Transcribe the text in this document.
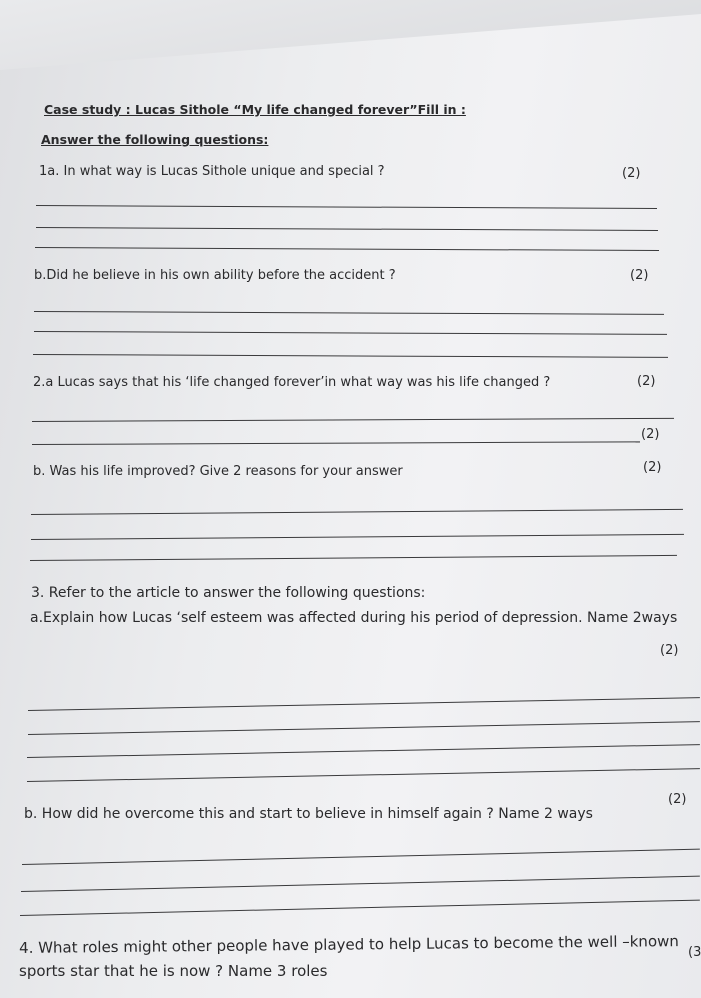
Case study : Lucas Sithole “My life changed forever”Fill in :
Answer the following questions:
1a. In what way is Lucas Sithole unique and special ?	(2)
b.Did he believe in his own ability before the accident ?	(2)
2.a Lucas says that his ‘life changed forever’in what way was his life changed ?	(2)
(2)
b. Was his life improved? Give 2 reasons for your answer	(2)
3. Refer to the article to answer the following questions:
a.Explain how Lucas ‘self esteem was affected during his period of depression. Name 2ways
(2)
b. How did he overcome this and start to believe in himself again ? Name 2 ways
(2)
4. What roles might other people have played to help Lucas to become the well –known
sports star that he is now ? Name 3 roles
(3
